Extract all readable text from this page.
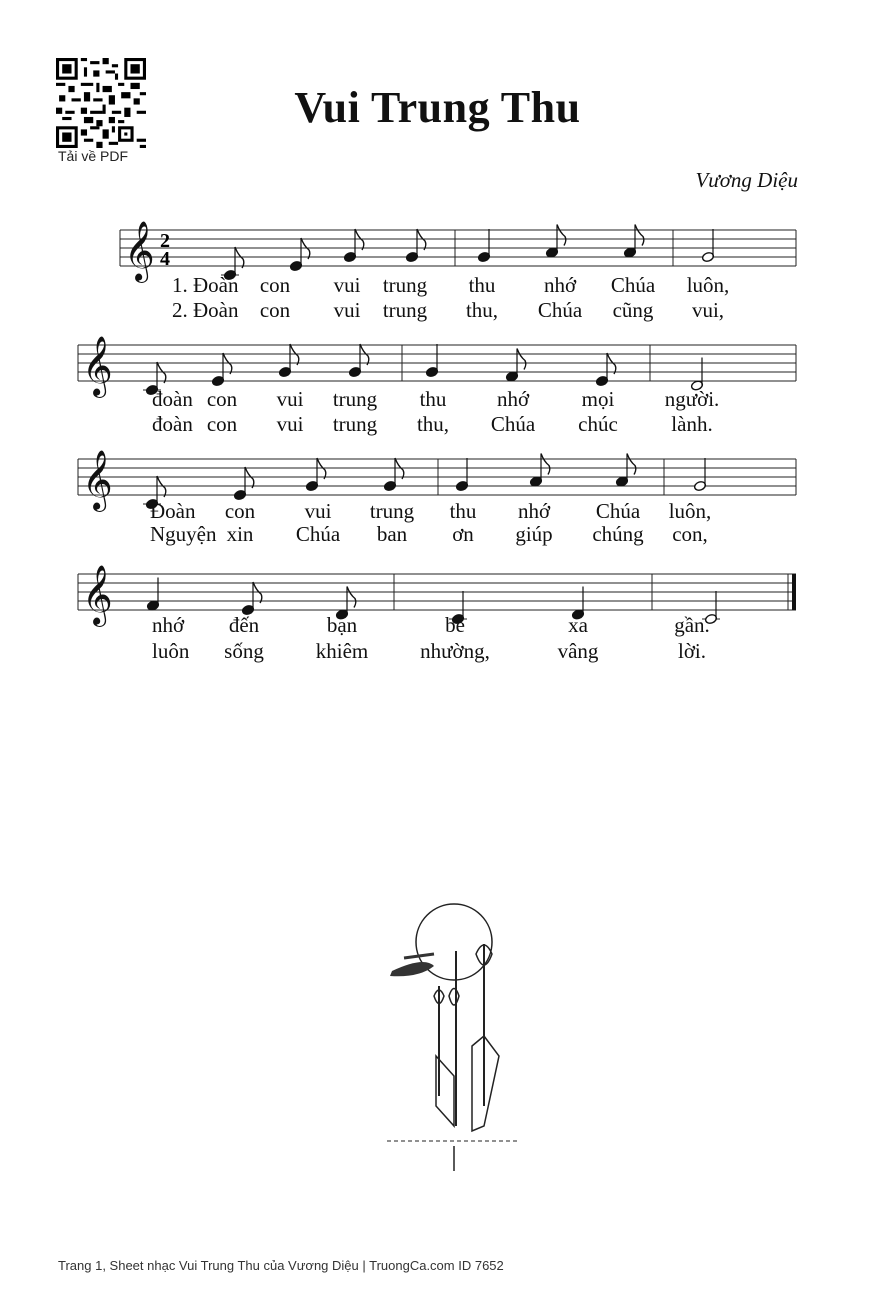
Tải về PDF
Vui Trung Thu
Vương Diệu
𝄞 2
4
1. Đoàn con vui trung thu nhớ Chúa luôn,
2. Đoàn con vui trung thu, Chúa cũng vui,
𝄞
đoàn con vui trung thu nhớ	mọi người.
đoàn con vui trung thu, Chúa chúc	lành.
𝄞
Đoàn con vui trung thu nhớ Chúa luôn,
Nguyện xin Chúa ban ơn giúp chúng con,
𝄞 nhớ đến	bạn	bè	xa	gần.
luôn sống khiêm nhường,	vâng	lời.
Trang 1, Sheet nhạc Vui Trung Thu của Vương Diệu | TruongCa.com ID 7652
